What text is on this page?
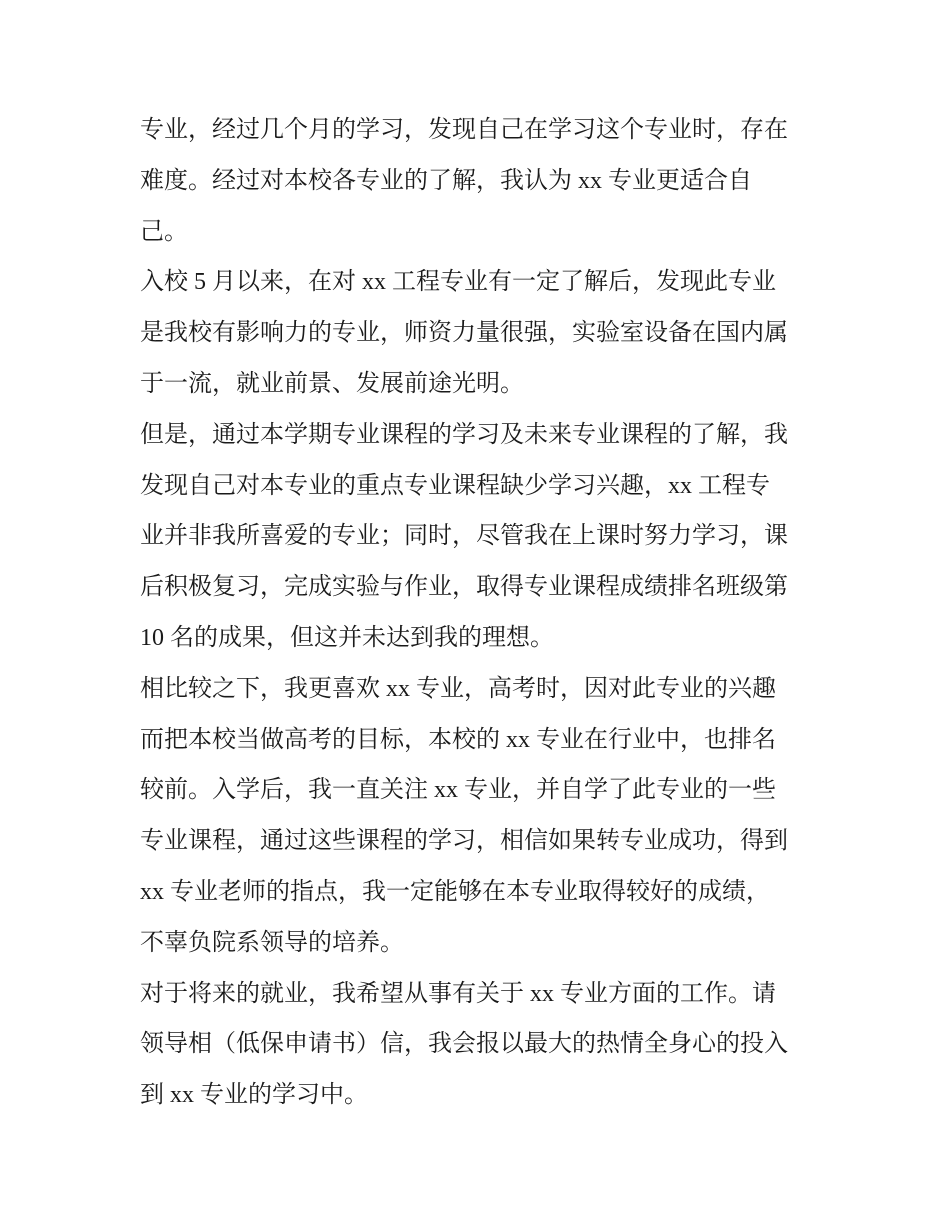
专业，经过几个月的学习，发现自己在学习这个专业时，存在
难度。经过对本校各专业的了解，我认为 xx 专业更适合自
己。
入校 5 月以来，在对 xx 工程专业有一定了解后，发现此专业
是我校有影响力的专业，师资力量很强，实验室设备在国内属
于一流，就业前景、发展前途光明。
但是，通过本学期专业课程的学习及未来专业课程的了解，我
发现自己对本专业的重点专业课程缺少学习兴趣，xx 工程专
业并非我所喜爱的专业；同时，尽管我在上课时努力学习，课
后积极复习，完成实验与作业，取得专业课程成绩排名班级第
10 名的成果，但这并未达到我的理想。
相比较之下，我更喜欢 xx 专业，高考时，因对此专业的兴趣
而把本校当做高考的目标，本校的 xx 专业在行业中，也排名
较前。入学后，我一直关注 xx 专业，并自学了此专业的一些
专业课程，通过这些课程的学习，相信如果转专业成功，得到
xx 专业老师的指点，我一定能够在本专业取得较好的成绩，
不辜负院系领导的培养。
对于将来的就业，我希望从事有关于 xx 专业方面的工作。请
领导相（低保申请书）信，我会报以最大的热情全身心的投入
到 xx 专业的学习中。
